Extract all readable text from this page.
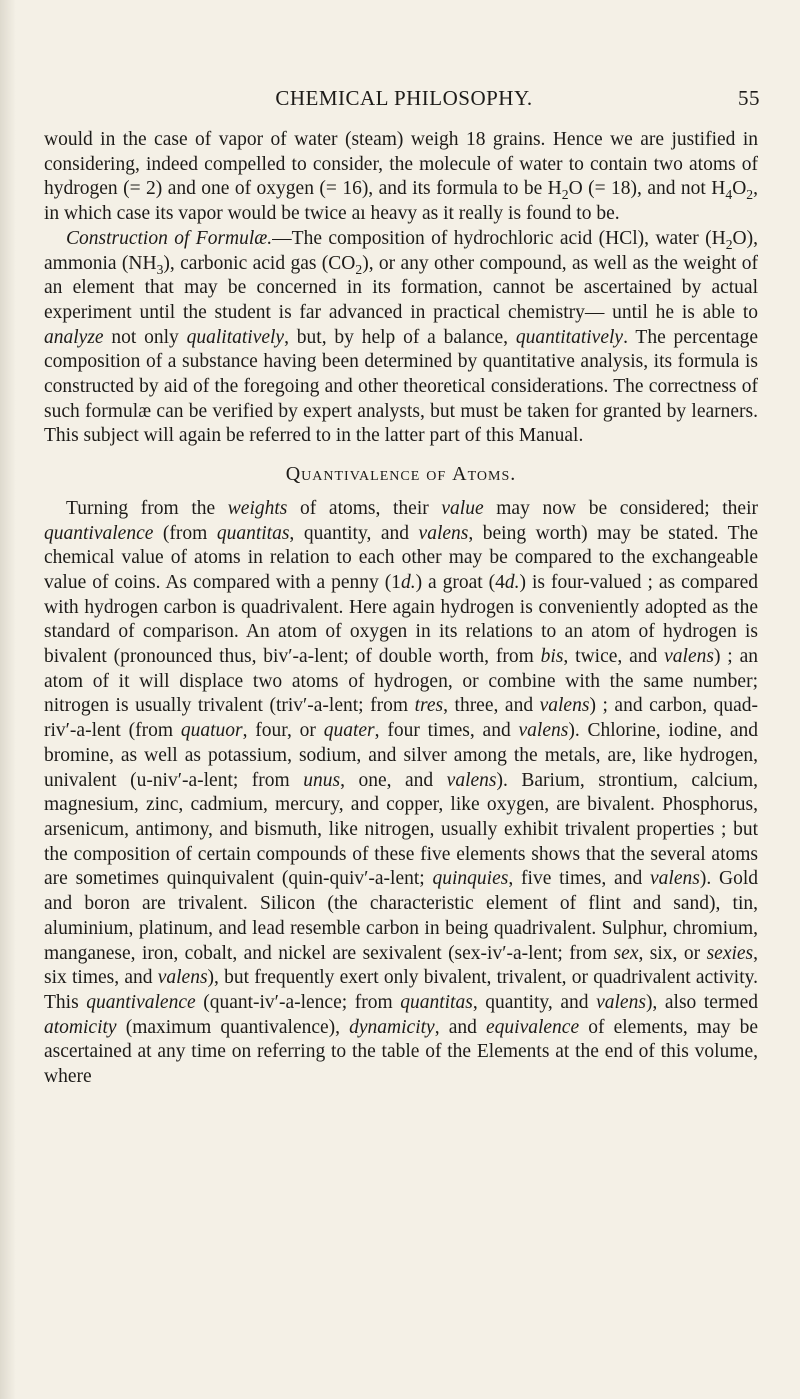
CHEMICAL PHILOSOPHY.	55

would in the case of vapor of water (steam) weigh 18 grains. Hence we are justified in considering, indeed compelled to consider, the molecule of water to contain two atoms of hydrogen (= 2) and one of oxygen (= 16), and its formula to be $H_2O$ (= 18), and not $H_4O_2$, in which case its vapor would be twice aı heavy as it really is found to be.

Construction of Formulæ.—The composition of hydrochloric acid (HCl), water $(H_2O)$, ammonia $(NH_3)$, carbonic acid gas $(CO_2)$, or any other compound, as well as the weight of an element that may be concerned in its formation, cannot be ascertained by actual experiment until the student is far advanced in practical chemistry— until he is able to analyze not only qualitatively, but, by help of a balance, quantitatively. The percentage composition of a substance having been determined by quantitative analysis, its formula is constructed by aid of the foregoing and other theoretical considerations. The correctness of such formulæ can be verified by expert analysts, but must be taken for granted by learners. This subject will again be referred to in the latter part of this Manual.

Quantivalence of Atoms.

Turning from the weights of atoms, their value may now be considered; their quantivalence (from quantitas, quantity, and valens, being worth) may be stated. The chemical value of atoms in relation to each other may be compared to the exchangeable value of coins. As compared with a penny (1d.) a groat (4d.) is four-valued ; as compared with hydrogen carbon is quadrivalent. Here again hydrogen is conveniently adopted as the standard of comparison. An atom of oxygen in its relations to an atom of hydrogen is bivalent (pronounced thus, biv′-a-lent; of double worth, from bis, twice, and valens) ; an atom of it will displace two atoms of hydrogen, or combine with the same number; nitrogen is usually trivalent (triv′-a-lent; from tres, three, and valens) ; and carbon, quad-riv′-a-lent (from quatuor, four, or quater, four times, and valens). Chlorine, iodine, and bromine, as well as potassium, sodium, and silver among the metals, are, like hydrogen, univalent (u-niv′-a-lent; from unus, one, and valens). Barium, strontium, calcium, magnesium, zinc, cadmium, mercury, and copper, like oxygen, are bivalent. Phosphorus, arsenicum, antimony, and bismuth, like nitrogen, usually exhibit trivalent properties ; but the composition of certain compounds of these five elements shows that the several atoms are sometimes quinquivalent (quin-quiv′-a-lent; quinquies, five times, and valens). Gold and boron are trivalent. Silicon (the characteristic element of flint and sand), tin, aluminium, platinum, and lead resemble carbon in being quadrivalent. Sulphur, chromium, manganese, iron, cobalt, and nickel are sexivalent (sex-iv′-a-lent; from sex, six, or sexies, six times, and valens), but frequently exert only bivalent, trivalent, or quadrivalent activity. This quantivalence (quant-iv′-a-lence; from quantitas, quantity, and valens), also termed atomicity (maximum quantivalence), dynamicity, and equivalence of elements, may be ascertained at any time on referring to the table of the Elements at the end of this volume, where
